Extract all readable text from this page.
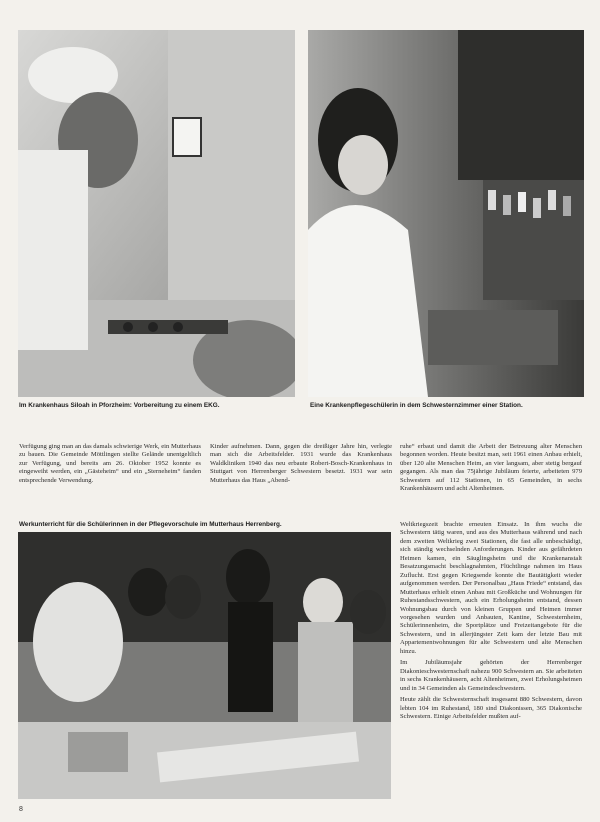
Im Krankenhaus Siloah in Pforzheim: Vorbereitung zu einem EKG.	Eine Krankenpflegeschülerin in dem Schwesternzimmer einer Station.
Verfügung ging man an das damals schwierige Werk, ein Mutterhaus zu bauen. Die Gemeinde Möttlingen stellte Gelände unentgeltlich zur Verfügung, und bereits am 26. Oktober 1952 konnte es eingeweiht werden, ein „Gästeheim“ und ein „Sterneheim“ fanden entsprechende Verwendung.
Kinder aufnehmen. Dann, gegen die dreißiger Jahre hin, verlegte man sich die Arbeitsfelder. 1931 wurde das Krankenhaus Waldkliniken 1940 das neu erbaute Robert-Bosch-Krankenhaus in Stuttgart von Herrenberger Schwestern besetzt. 1931 war sein Mutterhaus das Haus „Abend-
Werkunterricht für die Schülerinnen in der Pflegevorschule im Mutterhaus Herrenberg.
ruhe“ erbaut und damit die Arbeit der Betreuung alter Menschen begonnen worden. Heute besitzt man, seit 1961 einen Anbau erhielt, über 120 alte Menschen Heim, an vier langsam, aber stetig bergauf gegangen. Als man das 75jährige Jubiläum feierte, arbeiteten 979 Schwestern auf 112 Stationen, in 65 Gemeinden, in sechs Krankenhäusern und acht Altenheimen.

Weltkriegszeit brachte erneuten Einsatz. In ihm wuchs die Schwestern tätig waren, und aus des Mutterhaus während und nach dem zweiten Weltkrieg zwei Stationen, die fast alle unbeschädigt, sich ständig wechselnden Anforderungen. Kinder aus gefährdeten Heimen kamen, ein Säuglingsheim und die Krankenanstalt Besatzungsmacht beschlagnahmten, Flüchtlinge nahmen im Haus Zuflucht. Erst gegen Kriegsende konnte die Bautätigkeit wieder aufgenommen werden. Der Personalbau „Haus Friede“ entstand, das Mutterhaus erhielt einen Anbau mit Großküche und Wohnungen für Ruhestandsschwestern, auch ein Erholungsheim entstand, dessen Wohnungsbau durch von kleinen Gruppen und Heimen immer vorgesehen wurden und Anbauten, Kantine, Schwesternheim, Schülerinnenheim, die Sportplätze und Freizeitangebote für die Schwestern, und in allerjüngster Zeit kam der letzte Bau mit Appartementwohnungen für alte Schwestern und alte Menschen hinzu.

Im Jubiläumsjahr gehörten der Herrenberger Diakonieschwesternschaft nahezu 900 Schwestern an. Sie arbeiteten in sechs Krankenhäusern, acht Altenheimen, zwei Erholungsheimen und in 34 Gemeinden als Gemeindeschwestern.

Heute zählt die Schwesternschaft insgesamt 880 Schwestern, davon lebten 104 im Ruhestand, 180 sind Diakonissen, 365 Diakonische Schwestern. Einige Arbeitsfelder mußten auf-

8
